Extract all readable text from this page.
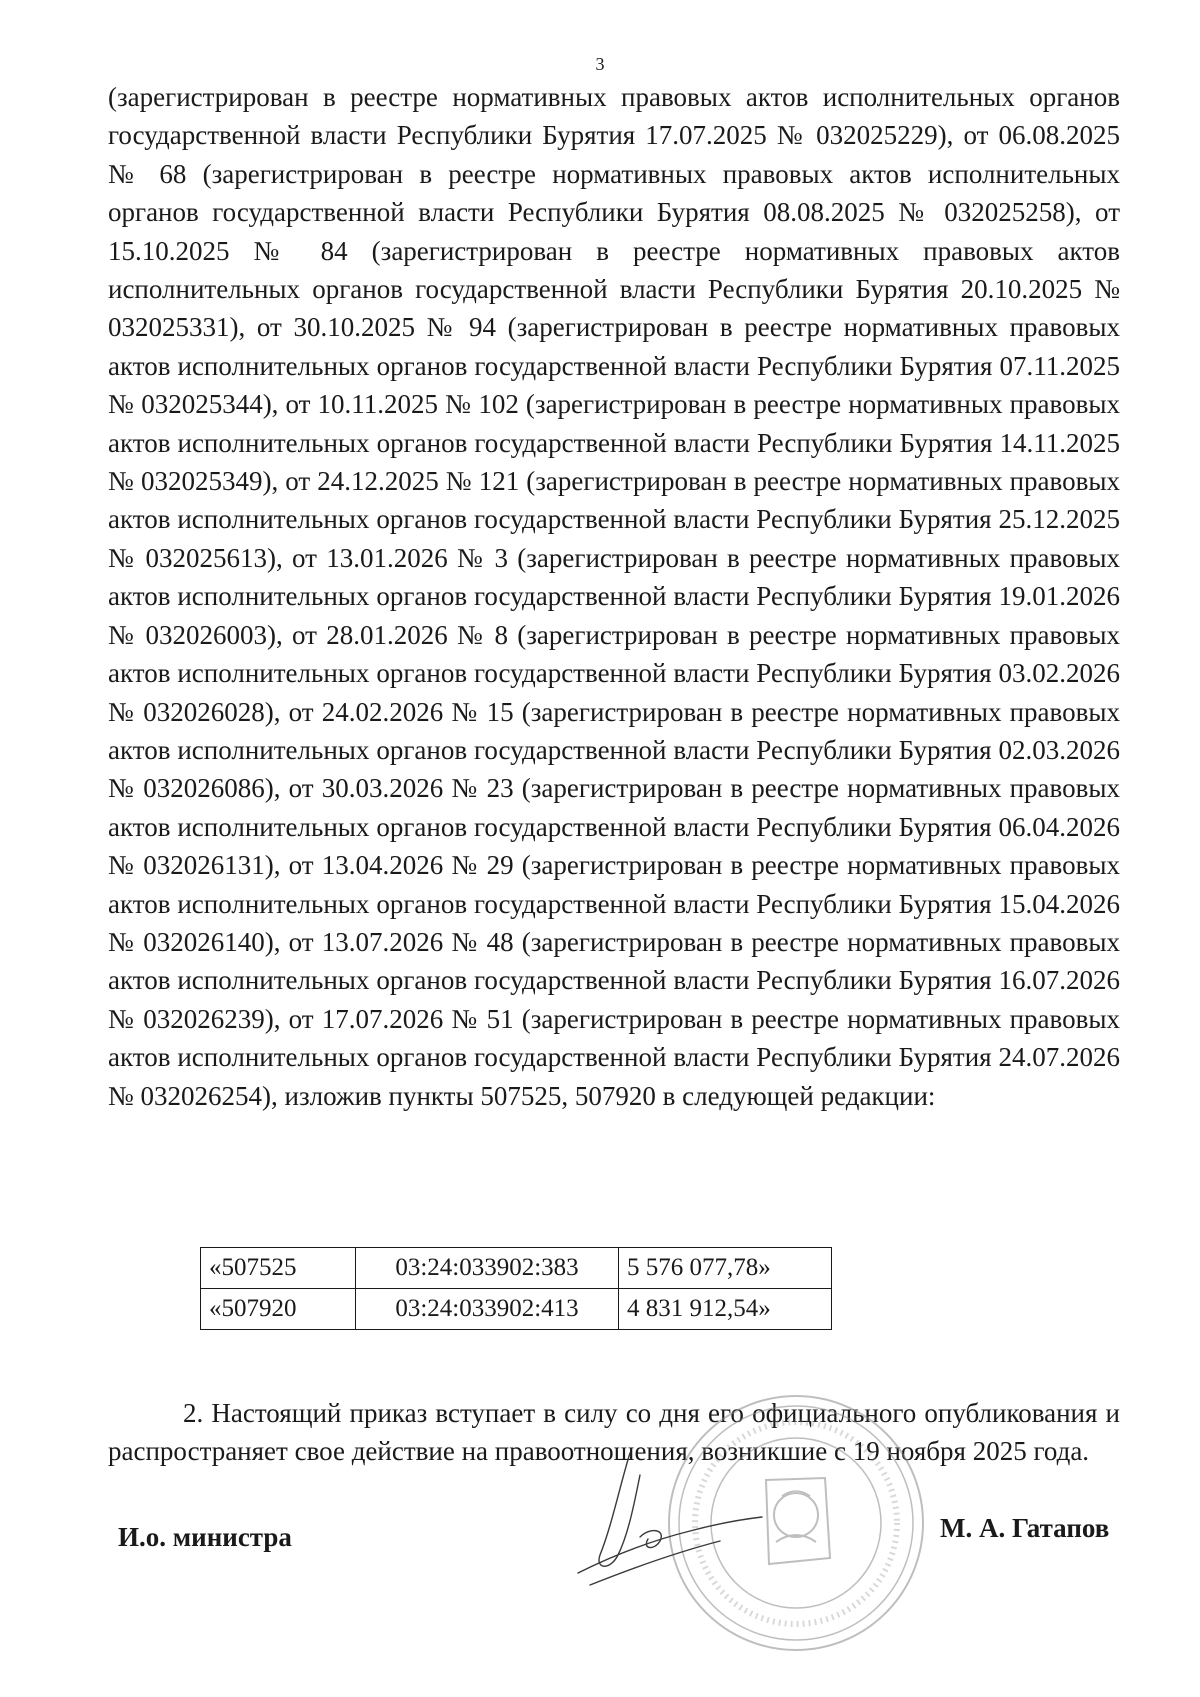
3

(зарегистрирован в реестре нормативных правовых актов исполнительных органов государственной власти Республики Бурятия 17.07.2025 № 032025229), от 06.08.2025 № 68 (зарегистрирован в реестре нормативных правовых актов исполнительных органов государственной власти Республики Бурятия 08.08.2025 № 032025258), от 15.10.2025 № 84 (зарегистрирован в реестре нормативных правовых актов исполнительных органов государственной власти Республики Бурятия 20.10.2025 № 032025331), от 30.10.2025 № 94 (зарегистрирован в реестре нормативных правовых актов исполнительных органов государственной власти Республики Бурятия 07.11.2025 № 032025344), от 10.11.2025 № 102 (зарегистрирован в реестре нормативных правовых актов исполнительных органов государственной власти Республики Бурятия 14.11.2025 № 032025349), от 24.12.2025 № 121 (зарегистрирован в реестре нормативных правовых актов исполнительных органов государственной власти Республики Бурятия 25.12.2025 № 032025613), от 13.01.2026 № 3 (зарегистрирован в реестре нормативных правовых актов исполнительных органов государственной власти Республики Бурятия 19.01.2026 № 032026003), от 28.01.2026 № 8 (зарегистрирован в реестре нормативных правовых актов исполнительных органов государственной власти Республики Бурятия 03.02.2026 № 032026028), от 24.02.2026 № 15 (зарегистрирован в реестре нормативных правовых актов исполнительных органов государственной власти Республики Бурятия 02.03.2026 № 032026086), от 30.03.2026 № 23 (зарегистрирован в реестре нормативных правовых актов исполнительных органов государственной власти Республики Бурятия 06.04.2026 № 032026131), от 13.04.2026 № 29 (зарегистрирован в реестре нормативных правовых актов исполнительных органов государственной власти Республики Бурятия 15.04.2026 № 032026140), от 13.07.2026 № 48 (зарегистрирован в реестре нормативных правовых актов исполнительных органов государственной власти Республики Бурятия 16.07.2026 № 032026239), от 17.07.2026 № 51 (зарегистрирован в реестре нормативных правовых актов исполнительных органов государственной власти Республики Бурятия 24.07.2026 № 032026254), изложив пункты 507525, 507920 в следующей редакции:

«507525	03:24:033902:383	5 576 077,78»
«507920	03:24:033902:413	4 831 912,54»

2. Настоящий приказ вступает в силу со дня его официального опубликования и распространяет свое действие на правоотношения, возникшие с 19 ноября 2025 года.

И.о. министра	М. А. Гатапов
